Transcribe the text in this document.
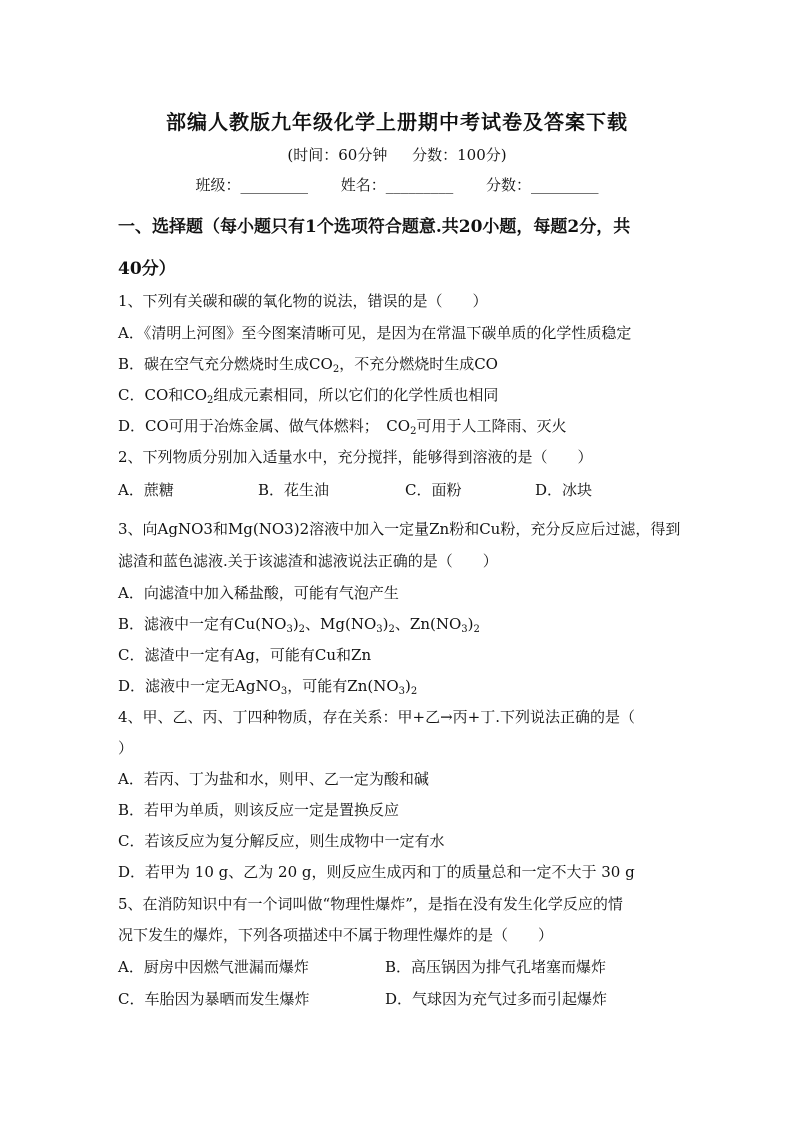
部编人教版九年级化学上册期中考试卷及答案下载
(时间：60分钟 分数：100分)
班级：_________ 姓名：_________ 分数：_________
一、选择题（每小题只有1个选项符合题意.共20小题，每题2分，共
40分）
1、下列有关碳和碳的氧化物的说法，错误的是（　　）
A．《清明上河图》至今图案清晰可见，是因为在常温下碳单质的化学性质稳定
B．碳在空气充分燃烧时生成$CO_2$，不充分燃烧时生成CO
C．CO和$CO_2$组成元素相同，所以它们的化学性质也相同
D．CO可用于冶炼金属、做气体燃料；　$CO_2$可用于人工降雨、灭火
2、下列物质分别加入适量水中，充分搅拌，能够得到溶液的是（　　）
A．蔗糖	B．花生油	C．面粉	D．冰块
3、向AgNO3和Mg(NO3)2溶液中加入一定量Zn粉和Cu粉，充分反应后过滤，得到
滤渣和蓝色滤液.关于该滤渣和滤液说法正确的是（　　）
A．向滤渣中加入稀盐酸，可能有气泡产生
B．滤液中一定有$Cu(NO_3)_2$、$Mg(NO_3)_2$、$Zn(NO_3)_2$
C．滤渣中一定有Ag，可能有Cu和Zn
D．滤液中一定无AgNO$_3$，可能有$Zn(NO_3)_2$
4、甲、乙、丙、丁四种物质，存在关系：甲+乙→丙+丁.下列说法正确的是（
）
A．若丙、丁为盐和水，则甲、乙一定为酸和碱
B．若甲为单质，则该反应一定是置换反应
C．若该反应为复分解反应，则生成物中一定有水
D．若甲为 10 g、乙为 20 g，则反应生成丙和丁的质量总和一定不大于 30 g
5、在消防知识中有一个词叫做“物理性爆炸”，是指在没有发生化学反应的情
况下发生的爆炸，下列各项描述中不属于物理性爆炸的是（　　）
A．厨房中因燃气泄漏而爆炸	B．高压锅因为排气孔堵塞而爆炸
C．车胎因为暴晒而发生爆炸	D．气球因为充气过多而引起爆炸
